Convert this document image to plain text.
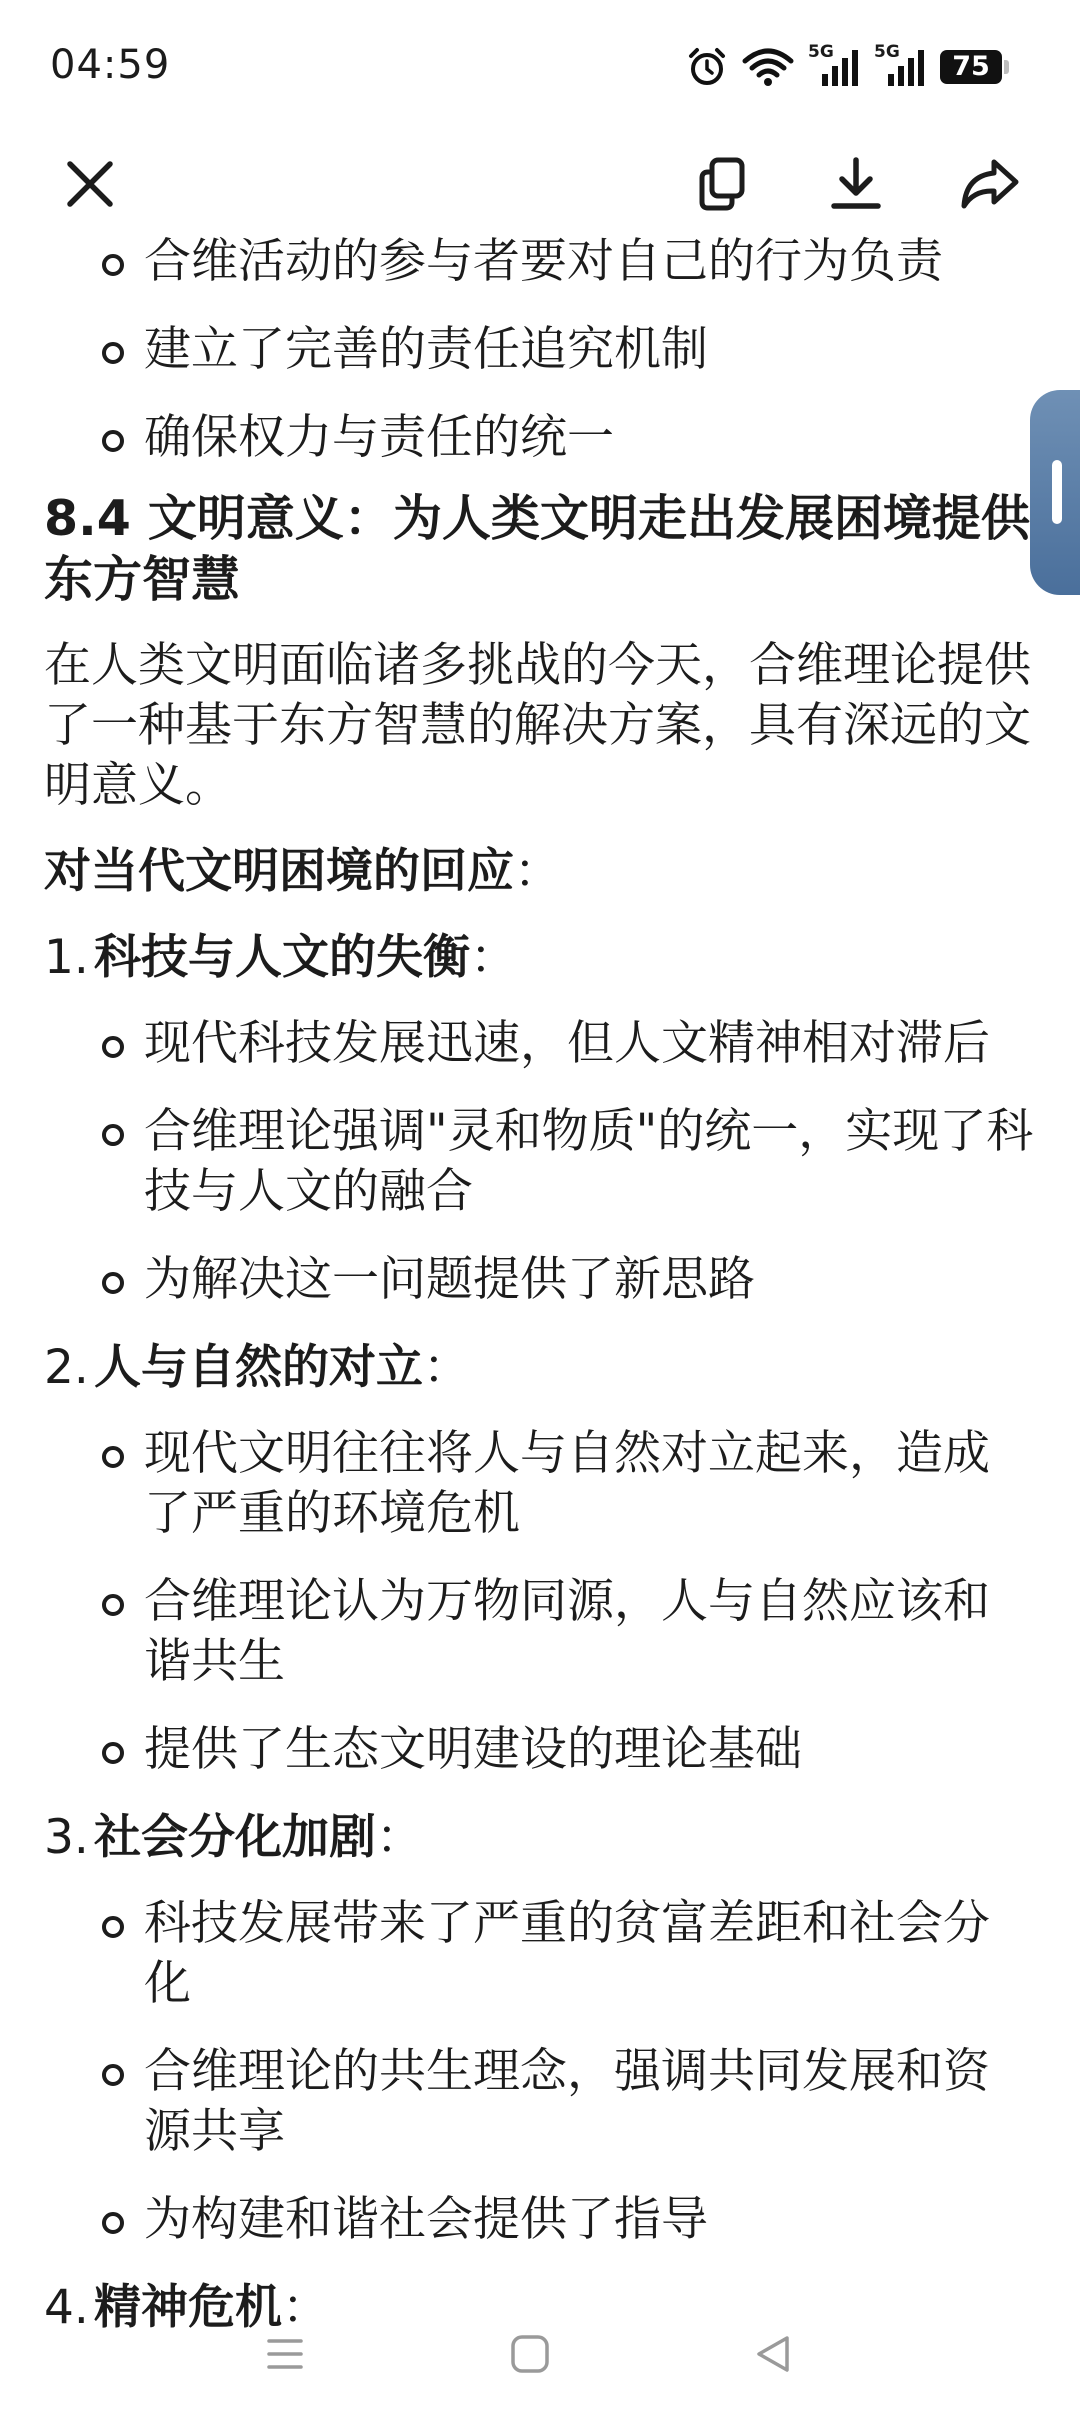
04:59	5G 5G	75
合维活动的参与者要对自己的行为负责
建立了完善的责任追究机制
确保权力与责任的统一
8.4 文明意义：为人类文明走出发展困境提供东方智慧
在人类文明面临诸多挑战的今天，合维理论提供了一种基于东方智慧的解决方案，具有深远的文明意义。
对当代文明困境的回应：
1. 科技与人文的失衡：
现代科技发展迅速，但人文精神相对滞后
合维理论强调"灵和物质"的统一，实现了科技与人文的融合
为解决这一问题提供了新思路
2. 人与自然的对立：
现代文明往往将人与自然对立起来，造成了严重的环境危机
合维理论认为万物同源，人与自然应该和谐共生
提供了生态文明建设的理论基础
3. 社会分化加剧：
科技发展带来了严重的贫富差距和社会分化
合维理论的共生理念，强调共同发展和资源共享
为构建和谐社会提供了指导
4. 精神危机：
